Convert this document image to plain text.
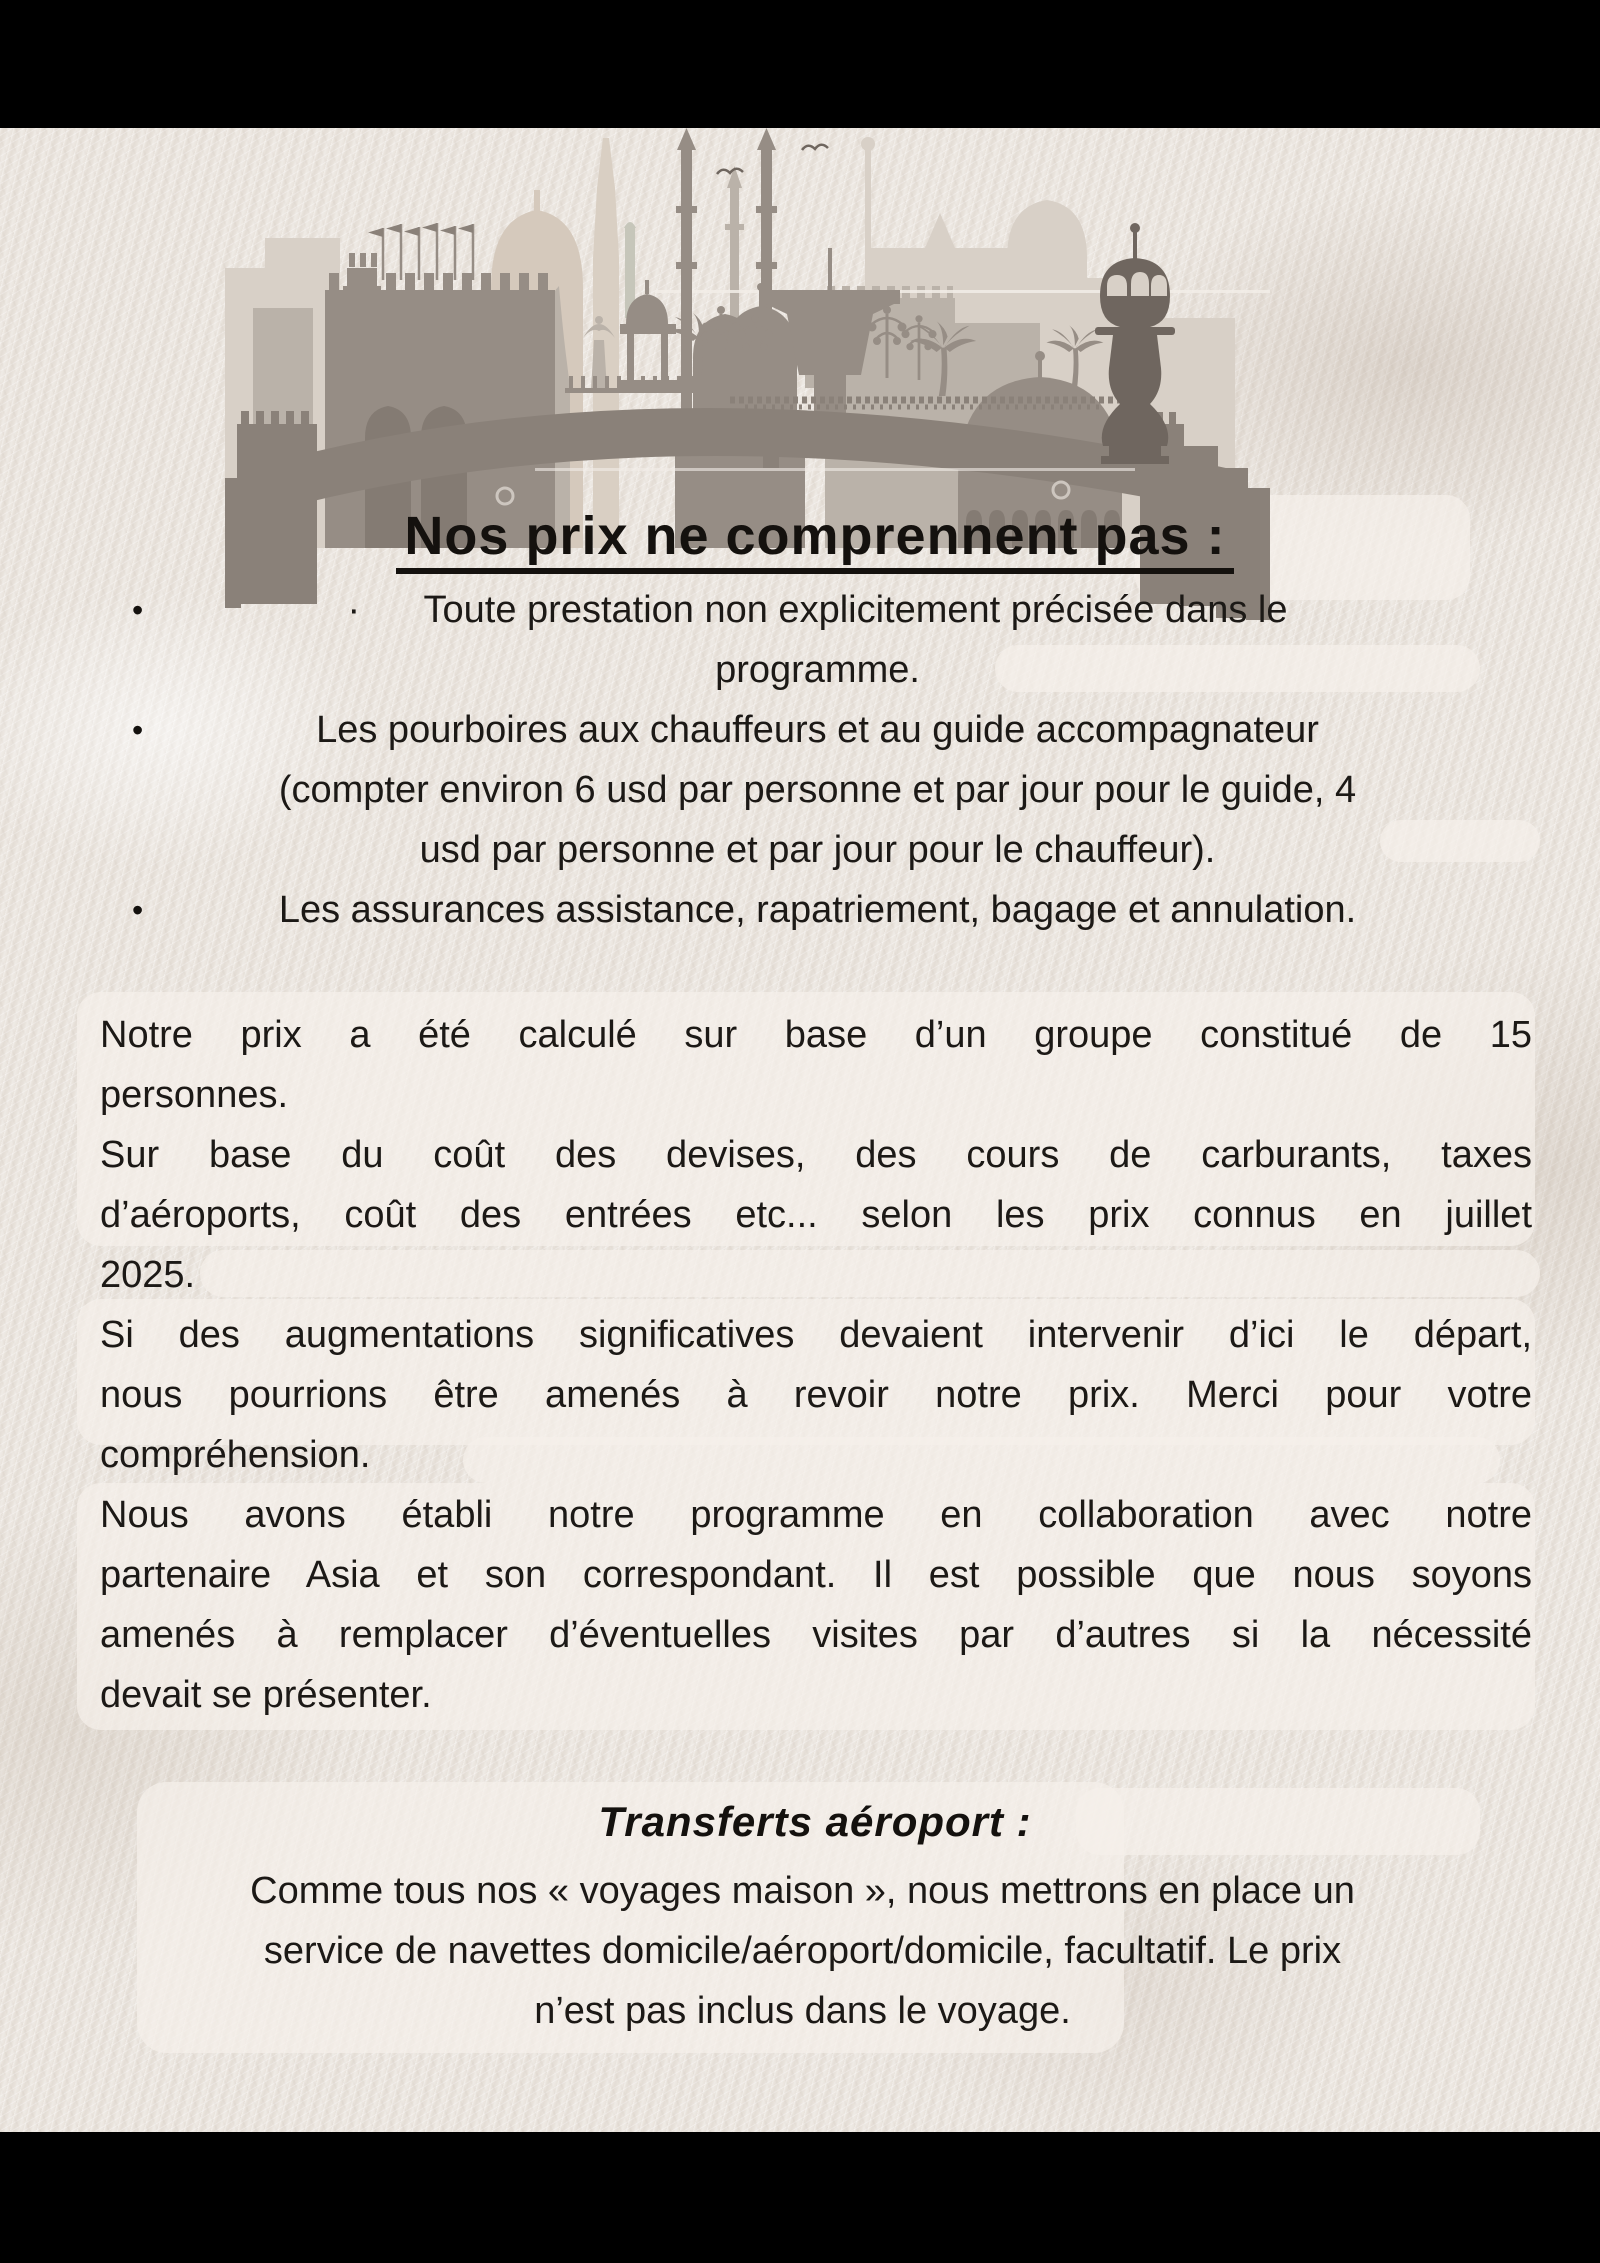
Nos prix ne comprennent pas :
•	·      Toute prestation non explicitement précisée dans le
programme.
•	Les pourboires aux chauffeurs et au guide accompagnateur
(compter environ 6 usd par personne et par jour pour le guide, 4
usd par personne et par jour pour le chauffeur).
•	Les assurances assistance, rapatriement, bagage et annulation.
Notre prix a été calculé sur base d’un groupe constitué de 15
personnes.
Sur base du coût des devises, des cours de carburants, taxes
d’aéroports, coût des entrées etc... selon les prix connus en juillet
2025.
Si des augmentations significatives devaient intervenir d’ici le départ,
nous pourrions être amenés à revoir notre prix. Merci pour votre
compréhension.
Nous avons établi notre programme en collaboration avec notre
partenaire Asia et son correspondant. Il est possible que nous soyons
amenés à remplacer d’éventuelles visites par d’autres si la nécessité
devait se présenter.
Transferts aéroport :
Comme tous nos « voyages maison », nous mettrons en place un
service de navettes domicile/aéroport/domicile, facultatif. Le prix
n’est pas inclus dans le voyage.
